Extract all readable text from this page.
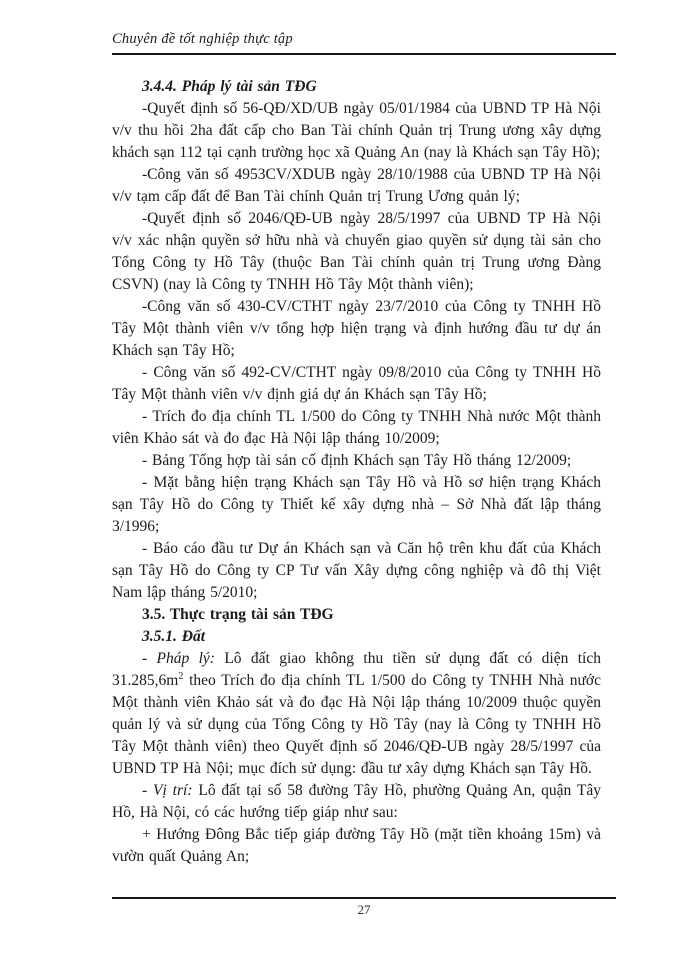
Chuyên đề tốt nghiệp thực tập

3.4.4. Pháp lý tài sản TĐG

-Quyết định số 56-QĐ/XD/UB ngày 05/01/1984 của UBND TP Hà Nội v/v thu hồi 2ha đất cấp cho Ban Tài chính Quản trị Trung ương xây dựng khách sạn 112 tại cạnh trường học xã Quảng An (nay là Khách sạn Tây Hồ);

-Công văn số 4953CV/XDUB ngày 28/10/1988 của UBND TP Hà Nội v/v tạm cấp đất để Ban Tài chính Quản trị Trung Ương quản lý;

-Quyết định số 2046/QĐ-UB ngày 28/5/1997 của UBND TP Hà Nội v/v xác nhận quyền sở hữu nhà và chuyển giao quyền sử dụng tài sản cho Tổng Công ty Hồ Tây (thuộc Ban Tài chính quản trị Trung ương Đàng CSVN) (nay là Công ty TNHH Hồ Tây Một thành viên);

-Công văn số 430-CV/CTHT ngày 23/7/2010 của Công ty TNHH Hồ Tây Một thành viên v/v tổng hợp hiện trạng và định hướng đầu tư dự án Khách sạn Tây Hồ;

- Công văn số 492-CV/CTHT ngày 09/8/2010 của Công ty TNHH Hồ Tây Một thành viên v/v định giá dự án Khách sạn Tây Hồ;

- Trích đo địa chính TL 1/500 do Công ty TNHH Nhà nước Một thành viên Khảo sát và đo đạc Hà Nội lập tháng 10/2009;

- Bảng Tổng hợp tài sản cố định Khách sạn Tây Hồ tháng 12/2009;

- Mặt bằng hiện trạng Khách sạn Tây Hồ và Hồ sơ hiện trạng Khách sạn Tây Hồ do Công ty Thiết kế xây dựng nhà – Sở Nhà đất lập tháng 3/1996;

- Báo cáo đầu tư Dự án Khách sạn và Căn hộ trên khu đất của Khách sạn Tây Hồ do Công ty CP Tư vấn Xây dựng công nghiệp và đô thị Việt Nam lập tháng 5/2010;

3.5. Thực trạng tài sản TĐG

3.5.1. Đất

- Pháp lý: Lô đất giao không thu tiền sử dụng đất có diện tích $31.285,6m^2$ theo Trích đo địa chính TL 1/500 do Công ty TNHH Nhà nước Một thành viên Khảo sát và đo đạc Hà Nội lập tháng 10/2009 thuộc quyền quản lý và sử dụng của Tổng Công ty Hồ Tây (nay là Công ty TNHH Hồ Tây Một thành viên) theo Quyết định số 2046/QĐ-UB ngày 28/5/1997 của UBND TP Hà Nội; mục đích sử dụng: đầu tư xây dựng Khách sạn Tây Hồ.

- Vị trí: Lô đất tại số 58 đường Tây Hồ, phường Quảng An, quận Tây Hồ, Hà Nội, có các hướng tiếp giáp như sau:

+ Hướng Đông Bắc tiếp giáp đường Tây Hồ (mặt tiền khoảng 15m) và vườn quất Quảng An;

27
